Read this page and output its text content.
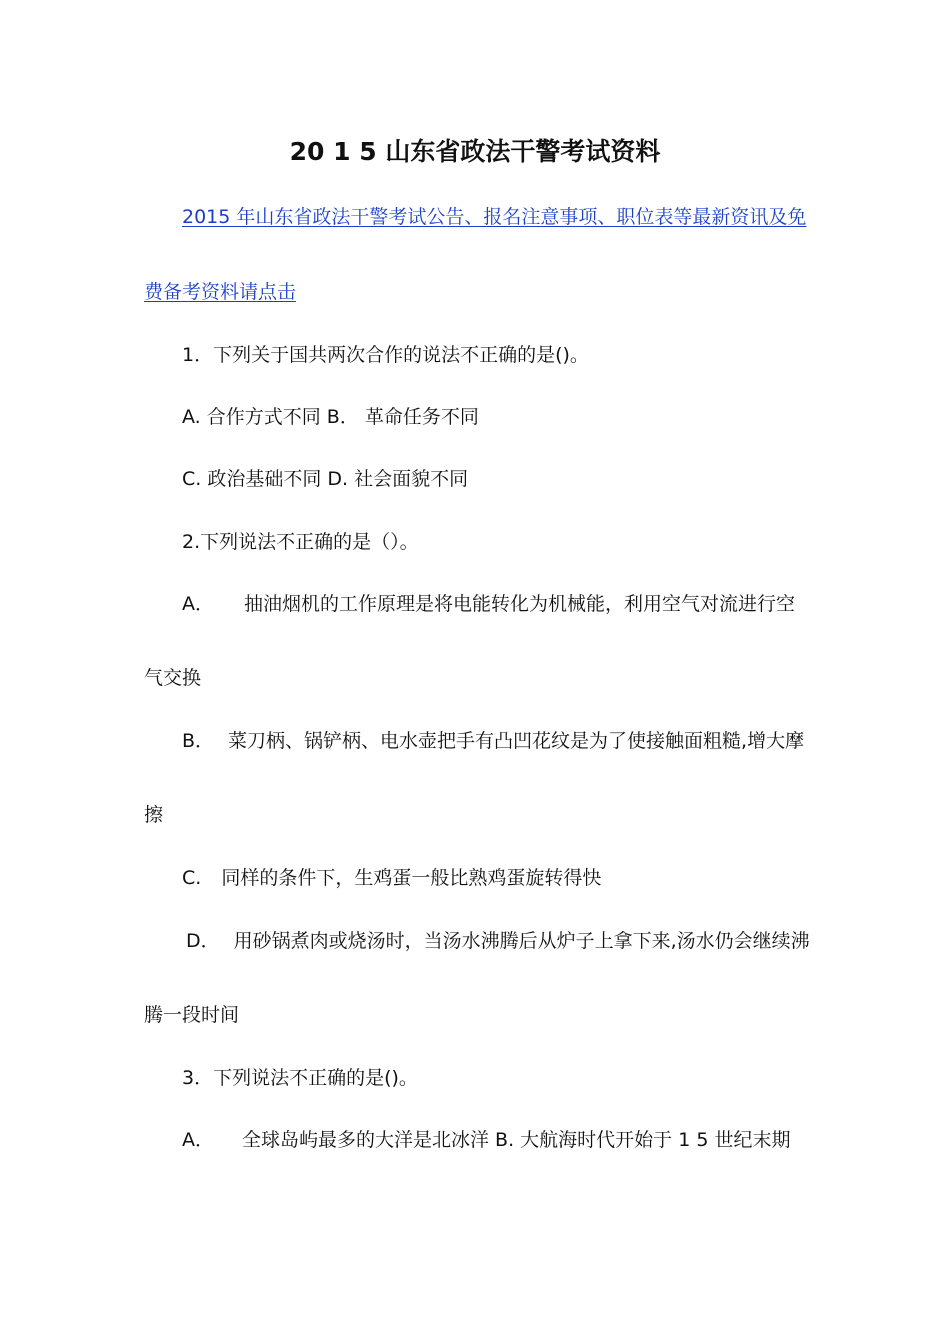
20 1 5 山东省政法干警考试资料
2015 年山东省政法干警考试公告、报名注意事项、职位表等最新资讯及免
费备考资料请点击
1．下列关于国共两次合作的说法不正确的是()。
A. 合作方式不同 B． 革命任务不同
C. 政治基础不同 D. 社会面貌不同
2.下列说法不正确的是（）。
A． 抽油烟机的工作原理是将电能转化为机械能，利用空气对流进行空
气交换
B． 菜刀柄、锅铲柄、电水壶把手有凸凹花纹是为了使接触面粗糙,增大摩
擦
C. 同样的条件下，生鸡蛋一般比熟鸡蛋旋转得快
D． 用砂锅煮肉或烧汤时，当汤水沸腾后从炉子上拿下来,汤水仍会继续沸
腾一段时间
3．下列说法不正确的是()。
A． 全球岛屿最多的大洋是北冰洋 B. 大航海时代开始于 1 5 世纪末期
